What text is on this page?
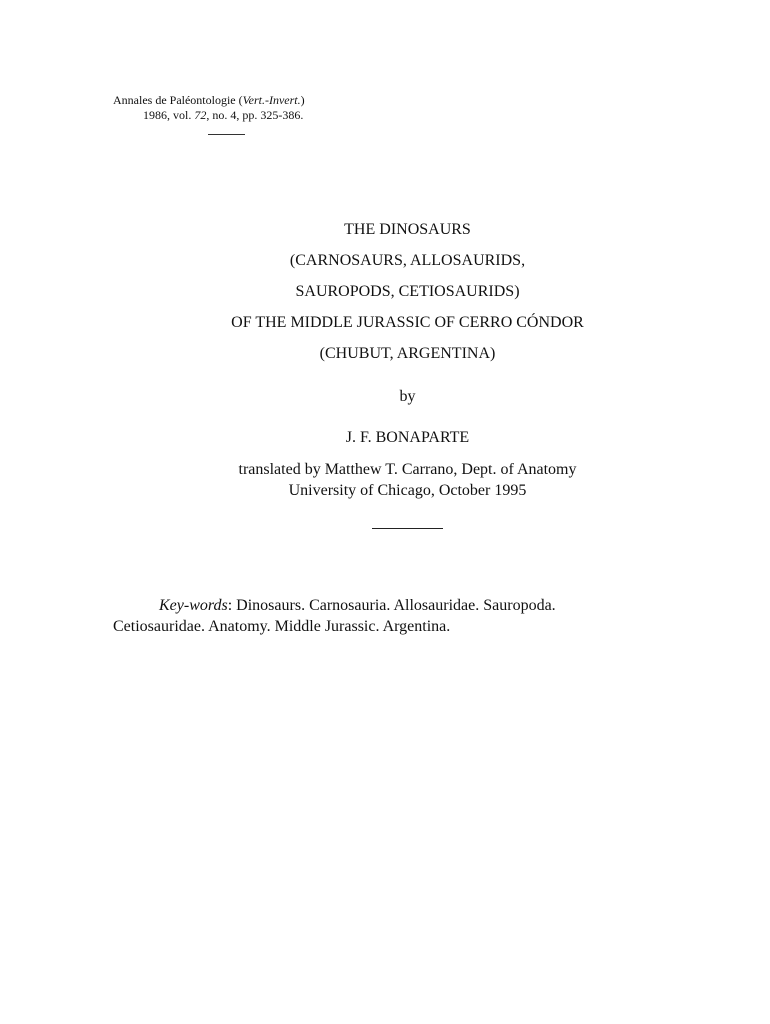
Annales de Paléontologie (Vert.-Invert.)
1986, vol. 72, no. 4, pp. 325-386.
THE DINOSAURS
(CARNOSAURS, ALLOSAURIDS,
SAUROPODS, CETIOSAURIDS)
OF THE MIDDLE JURASSIC OF CERRO CÓNDOR
(CHUBUT, ARGENTINA)
by
J. F. BONAPARTE
translated by Matthew T. Carrano, Dept. of Anatomy
University of Chicago, October 1995
Key-words: Dinosaurs. Carnosauria. Allosauridae. Sauropoda.
Cetiosauridae. Anatomy. Middle Jurassic. Argentina.
